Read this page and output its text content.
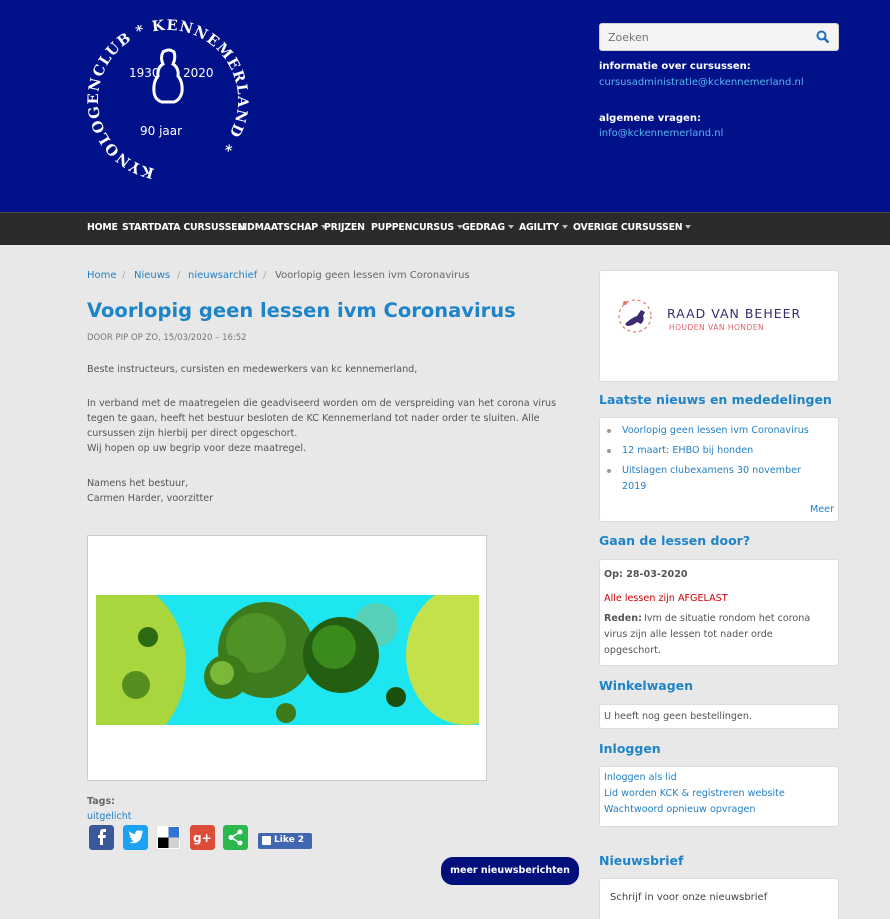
KYNOLOGENCLUB * KENNEMERLAND *
1930 2020
90 jaar
Zoeken
informatie over cursussen:
cursusadministratie@kckennemerland.nl
algemene vragen:
info@kckennemerland.nl
HOME STARTDATA CURSUSSEN
LIDMAATSCHAP PRIJZEN PUPPENCURSUS GEDRAG	AGILITY	OVERIGE CURSUSSEN
Home / Nieuws / nieuwsarchief / Voorlopig geen lessen ivm Coronavirus
Voorlopig geen lessen ivm Coronavirus
DOOR PIP OP ZO, 15/03/2020 – 16:52
Beste instructeurs, cursisten en medewerkers van kc kennemerland,
In verband met de maatregelen die geadviseerd worden om de verspreiding van het corona virus
tegen te gaan, heeft het bestuur besloten de KC Kennemerland tot nader order te sluiten. Alle
cursussen zijn hierbij per direct opgeschort.
Wij hopen op uw begrip voor deze maatregel.
Namens het bestuur,
Carmen Harder, voorzitter
Tags:
uitgelicht
g+	Like 2
meer nieuwsberichten
RAAD VAN BEHEER
HOUDEN VAN HONDEN
Laatste nieuws en mededelingen
Voorlopig geen lessen ivm Coronavirus
12 maart: EHBO bij honden
Uitslagen clubexamens 30 november
2019
Meer
Gaan de lessen door?
Op: 28-03-2020
Alle lessen zijn AFGELAST
Reden: Ivm de situatie rondom het corona
virus zijn alle lessen tot nader orde
opgeschort.
Winkelwagen
U heeft nog geen bestellingen.
Inloggen
Inloggen als lid
Lid worden KCK & registreren website
Wachtwoord opnieuw opvragen
Nieuwsbrief
Schrijf in voor onze nieuwsbrief
